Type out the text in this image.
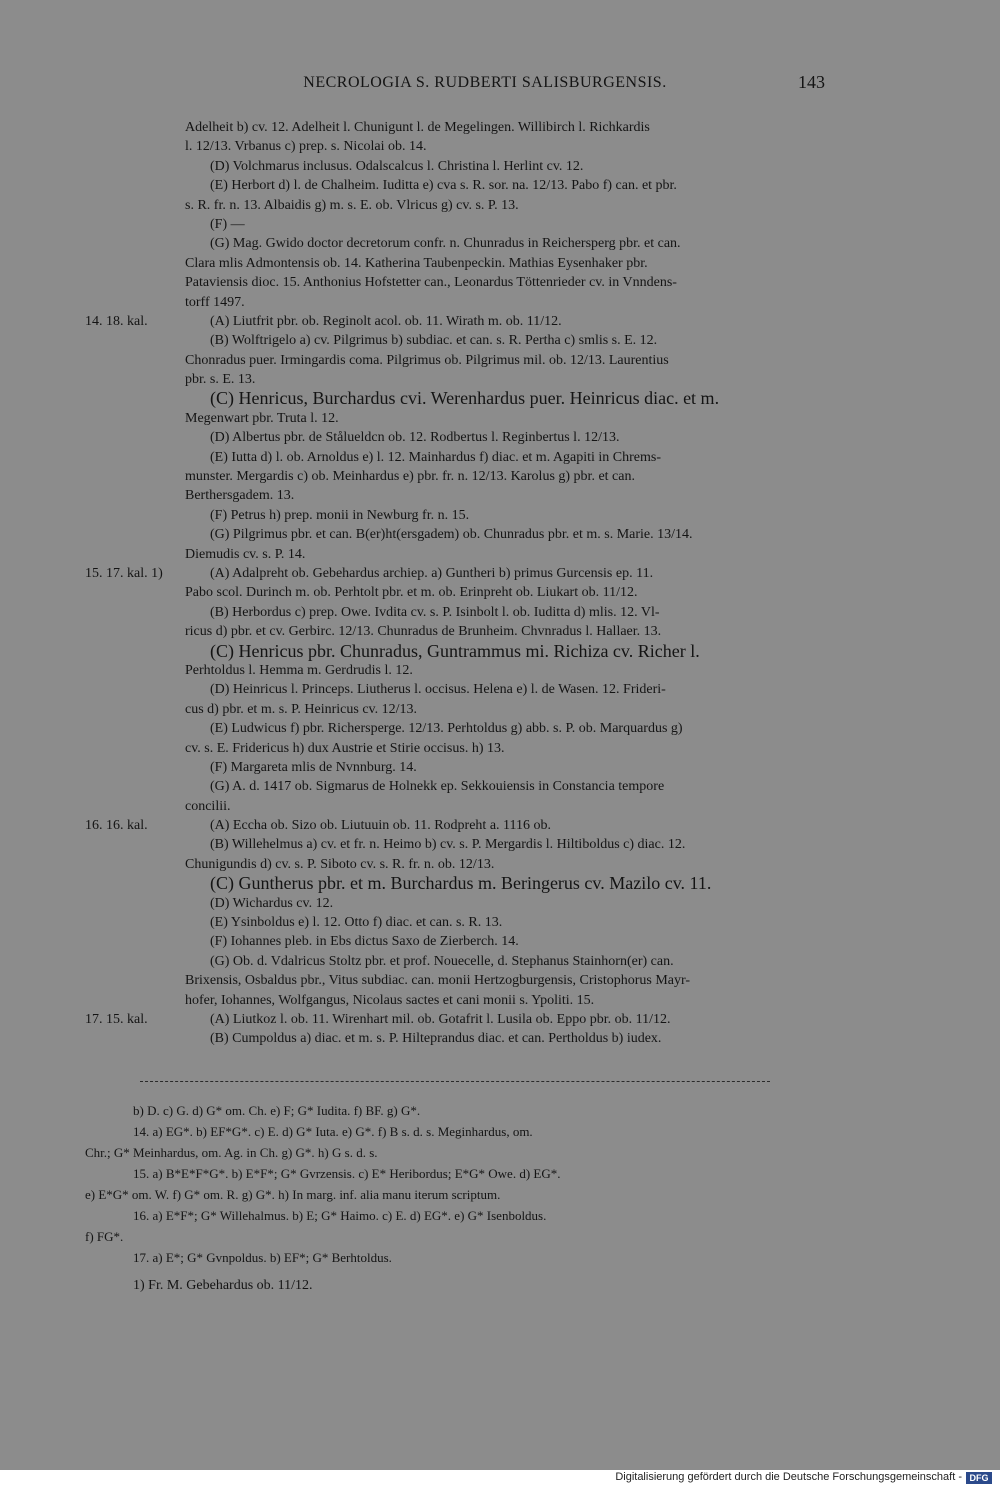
NECROLOGIA S. RUDBERTI SALISBURGENSIS.	143
Adelheit b) cv. 12. Adelheit l. Chunigunt l. de Megelingen. Willibirch l. Richkardis
l. 12/13. Vrbanus c) prep. s. Nicolai ob. 14.
(D) Volchmarus inclusus. Odalscalcus l. Christina l. Herlint cv. 12.
(E) Herbort d) l. de Chalheim. Iuditta e) cva s. R. sor. na. 12/13. Pabo f) can. et pbr.
s. R. fr. n. 13. Albaidis g) m. s. E. ob. Vlricus g) cv. s. P. 13.
(F) —
(G) Mag. Gwido doctor decretorum confr. n. Chunradus in Reichersperg pbr. et can.
Clara mlis Admontensis ob. 14. Katherina Taubenpeckin. Mathias Eysenhaker pbr.
Pataviensis dioc. 15. Anthonius Hofstetter can., Leonardus Töttenrieder cv. in Vnndens-
torff 1497.
14. 18. kal.	(A) Liutfrit pbr. ob. Reginolt acol. ob. 11. Wirath m. ob. 11/12.
(B) Wolftrigelo a) cv. Pilgrimus b) subdiac. et can. s. R. Pertha c) smlis s. E. 12.
Chonradus puer. Irmingardis coma. Pilgrimus ob. Pilgrimus mil. ob. 12/13. Laurentius
pbr. s. E. 13.
(C) Henricus, Burchardus cvi. Werenhardus puer. Heinricus diac. et m.
Megenwart pbr. Truta l. 12.
(D) Albertus pbr. de Stålueldcn ob. 12. Rodbertus l. Reginbertus l. 12/13.
(E) Iutta d) l. ob. Arnoldus e) l. 12. Mainhardus f) diac. et m. Agapiti in Chrems-
munster. Mergardis c) ob. Meinhardus e) pbr. fr. n. 12/13. Karolus g) pbr. et can.
Berthersgadem. 13.
(F) Petrus h) prep. monii in Newburg fr. n. 15.
(G) Pilgrimus pbr. et can. B(er)ht(ersgadem) ob. Chunradus pbr. et m. s. Marie. 13/14.
Diemudis cv. s. P. 14.
15. 17. kal. 1)	(A) Adalpreht ob. Gebehardus archiep. a) Guntheri b) primus Gurcensis ep. 11.
Pabo scol. Durinch m. ob. Perhtolt pbr. et m. ob. Erinpreht ob. Liukart ob. 11/12.
(B) Herbordus c) prep. Owe. Ivdita cv. s. P. Isinbolt l. ob. Iuditta d) mlis. 12. Vl-
ricus d) pbr. et cv. Gerbirc. 12/13. Chunradus de Brunheim. Chvnradus l. Hallaer. 13.
(C) Henricus pbr. Chunradus, Guntrammus mi. Richiza cv. Richer l.
Perhtoldus l. Hemma m. Gerdrudis l. 12.
(D) Heinricus l. Princeps. Liutherus l. occisus. Helena e) l. de Wasen. 12. Frideri-
cus d) pbr. et m. s. P. Heinricus cv. 12/13.
(E) Ludwicus f) pbr. Richersperge. 12/13. Perhtoldus g) abb. s. P. ob. Marquardus g)
cv. s. E. Fridericus h) dux Austrie et Stirie occisus. h) 13.
(F) Margareta mlis de Nvnnburg. 14.
(G) A. d. 1417 ob. Sigmarus de Holnekk ep. Sekkouiensis in Constancia tempore
concilii.
16. 16. kal.	(A) Eccha ob. Sizo ob. Liutuuin ob. 11. Rodpreht a. 1116 ob.
(B) Willehelmus a) cv. et fr. n. Heimo b) cv. s. P. Mergardis l. Hiltiboldus c) diac. 12.
Chunigundis d) cv. s. P. Siboto cv. s. R. fr. n. ob. 12/13.
(C) Guntherus pbr. et m. Burchardus m. Beringerus cv. Mazilo cv. 11.
(D) Wichardus cv. 12.
(E) Ysinboldus e) l. 12. Otto f) diac. et can. s. R. 13.
(F) Iohannes pleb. in Ebs dictus Saxo de Zierberch. 14.
(G) Ob. d. Vdalricus Stoltz pbr. et prof. Nouecelle, d. Stephanus Stainhorn(er) can.
Brixensis, Osbaldus pbr., Vitus subdiac. can. monii Hertzogburgensis, Cristophorus Mayr-
hofer, Iohannes, Wolfgangus, Nicolaus sactes et cani monii s. Ypoliti. 15.
17. 15. kal.	(A) Liutkoz l. ob. 11. Wirenhart mil. ob. Gotafrit l. Lusila ob. Eppo pbr. ob. 11/12.
(B) Cumpoldus a) diac. et m. s. P. Hilteprandus diac. et can. Pertholdus b) iudex.
b) D. c) G. d) G* om. Ch. e) F; G* Iudita. f) BF. g) G*.
14. a) EG*. b) EF*G*. c) E. d) G* Iuta. e) G*. f) B s. d. s. Meginhardus, om.
Chr.; G* Meinhardus, om. Ag. in Ch. g) G*. h) G s. d. s.
15. a) B*E*F*G*. b) E*F*; G* Gvrzensis. c) E* Heribordus; E*G* Owe. d) EG*.
e) E*G* om. W. f) G* om. R. g) G*. h) In marg. inf. alia manu iterum scriptum.
16. a) E*F*; G* Willehalmus. b) E; G* Haimo. c) E. d) EG*. e) G* Isenboldus.
f) FG*.
17. a) E*; G* Gvnpoldus. b) EF*; G* Berhtoldus.
1) Fr. M. Gebehardus ob. 11/12.
Digitalisierung gefördert durch die Deutsche Forschungsgemeinschaft - DFG
